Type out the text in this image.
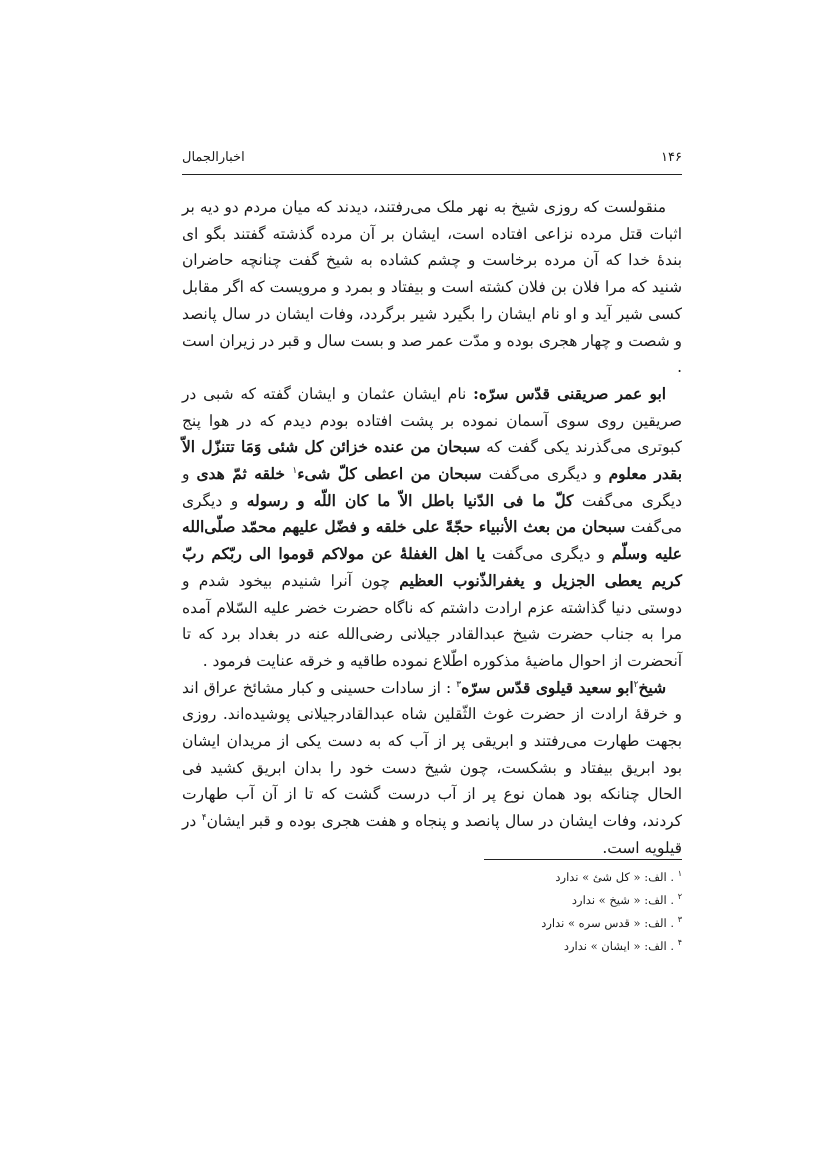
۱۴۶
اخبارالجمال

منقولست که روزی شیخ به نهر ملک می‌رفتند، دیدند که میان مردم دو دیه بر اثبات قتل مرده نزاعی افتاده است، ایشان بر آن مرده گذشته گفتند بگو ای بندهٔ خدا که آن مرده برخاست و چشم کشاده به شیخ گفت چنانچه حاضران شنید که مرا فلان بن فلان کشته است و بیفتاد و بمرد و مرویست که اگر مقابل کسی شیر آید و او نام ایشان را بگیرد شیر برگردد، وفات ایشان در سال پانصد و شصت و چهار هجری بوده و مدّت عمر صد و بست سال و قبر در زیران است .

ابو عمر صریقنی قدّس سرّه: نام ایشان عثمان و ایشان گفته که شبی در صریقین روی سوی آسمان نموده بر پشت افتاده بودم دیدم که در هوا پنج کبوتری می‌گذرند یکی گفت که سبحان من عنده خزائن کل شئی وَمَا تتنزّل الاّ بقدر معلوم و دیگری می‌گفت سبحان من اعطی کلّ شیء$^۱$ خلقه ثمّ هدی و دیگری می‌گفت کلّ ما فی الدّنیا باطل الاّ ما کان اللّه و رسوله و دیگری می‌گفت سبحان من بعث الأنبیاء حجّةً علی خلقه و فضّل علیهم محمّد صلّی‌الله علیه وسلّم و دیگری می‌گفت یا اهل الغفلةٔ عن مولاکم قوموا الی ربّکم ربّ کریم یعطی الجزیل و یغفرالذّنوب العظیم چون آنرا شنیدم بیخود شدم و دوستی دنیا گذاشته عزم ارادت داشتم که ناگاه حضرت خضر علیه السّلام آمده مرا به جناب حضرت شیخ عبدالقادر جیلانی رضی‌الله عنه در بغداد برد که تا آنحضرت از احوال ماضیهٔ مذکوره اطّلاع نموده طاقیه و خرقه عنایت فرمود .

شیخ$^۲$ابو سعید قیلوی قدّس سرّه$^۳$ : از سادات حسینی و کبار مشائخ عراق اند و خرقهٔ ارادت از حضرت غوث الثّقلین شاه عبدالقادرجیلانی پوشیده‌اند. روزی بجهت طهارت می‌رفتند و ابریقی پر از آب که به دست یکی از مریدان ایشان بود ابریق بیفتاد و بشکست، چون شیخ دست خود را بدان ابریق کشید فی الحال چنانکه بود همان نوع پر از آب درست گشت که تا از آن آب طهارت کردند، وفات ایشان در سال پانصد و پنجاه و هفت هجری بوده و قبر ایشان$^۴$ در قیلویه است.

$^۱$ . الف: « کل شئ » ندارد
$^۲$ . الف: « شیخ » ندارد
$^۳$ . الف: « قدس سره » ندارد
$^۴$ . الف: « ایشان » ندارد
